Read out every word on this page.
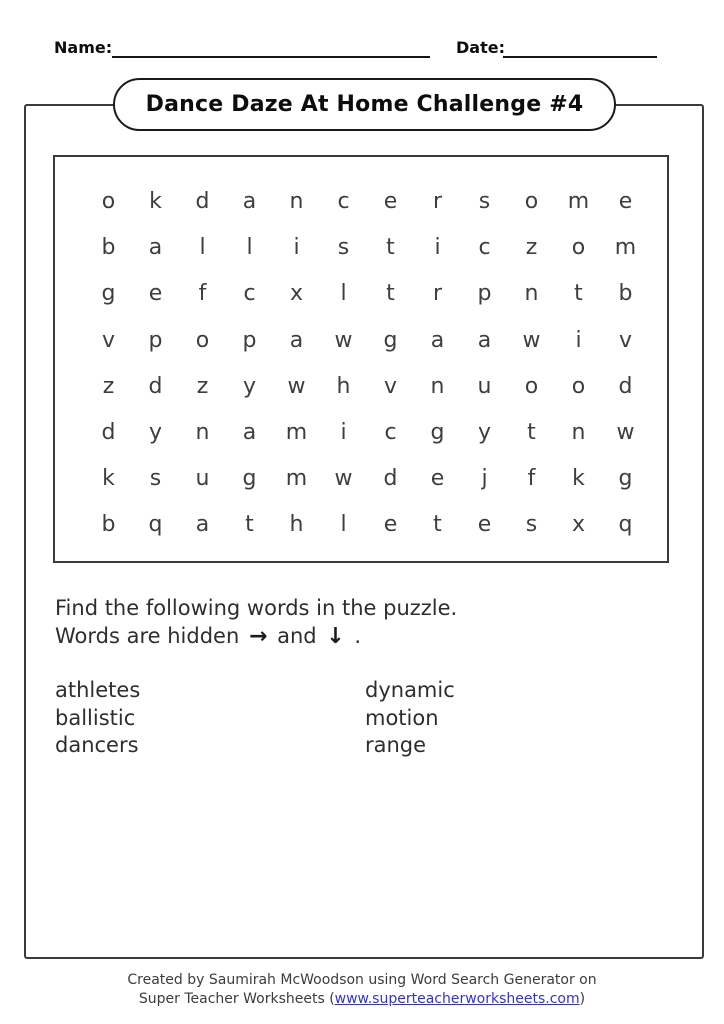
Name:	Date:
Dance Daze At Home Challenge #4
o	k	d	a	n	c	e	r	s	o	m	e
b	a	l	l	i	s	t	i	c	z	o	m
g	e	f	c	x	l	t	r	p	n	t	b
v	p	o	p	a	w	g	a	a	w	i	v
z	d	z	y	w	h	v	n	u	o	o	d
d	y	n	a	m	i	c	g	y	t	n	w
k	s	u	g	m	w	d	e	j	f	k	g
b	q	a	t	h	l	e	t	e	s	x	q
Find the following words in the puzzle.
Words are hidden → and ↓ .
athletes
ballistic
dancers
dynamic
motion
range
Created by Saumirah McWoodson using Word Search Generator on
Super Teacher Worksheets (www.superteacherworksheets.com)
